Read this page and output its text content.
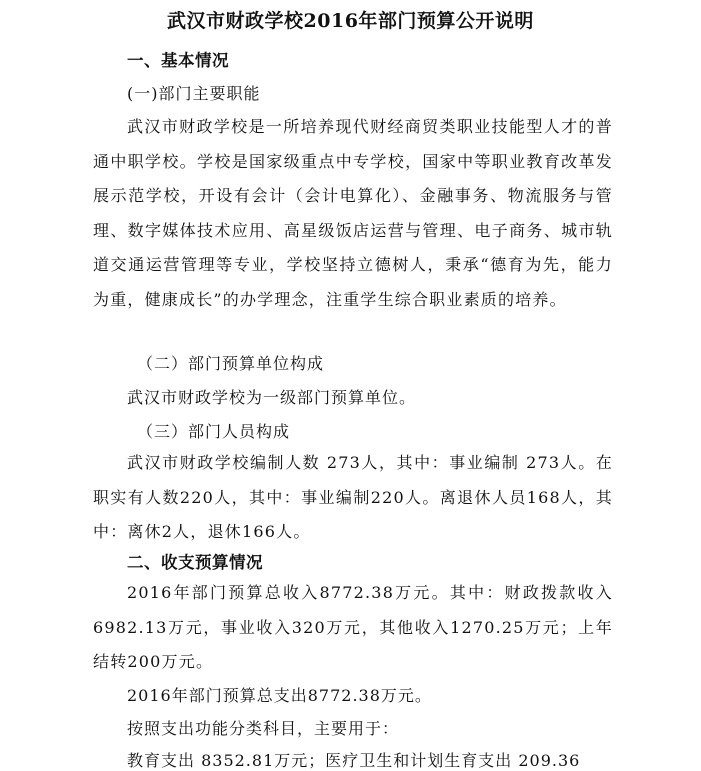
武汉市财政学校2016年部门预算公开说明
一、基本情况
(一)部门主要职能

武汉市财政学校是一所培养现代财经商贸类职业技能型人才的普通中职学校。学校是国家级重点中专学校，国家中等职业教育改革发展示范学校，开设有会计（会计电算化）、金融事务、物流服务与管理、数字媒体技术应用、高星级饭店运营与管理、电子商务、城市轨道交通运营管理等专业，学校坚持立德树人，秉承“德育为先，能力为重，健康成长”的办学理念，注重学生综合职业素质的培养。

（二）部门预算单位构成
武汉市财政学校为一级部门预算单位。
（三）部门人员构成

武汉市财政学校编制人数 273人，其中：事业编制 273人。在职实有人数220人，其中：事业编制220人。离退休人员168人，其中：离休2人，退休166人。

二、收支预算情况

2016年部门预算总收入8772.38万元。其中：财政拨款收入6982.13万元，事业收入320万元，其他收入1270.25万元；上年结转200万元。

2016年部门预算总支出8772.38万元。
按照支出功能分类科目，主要用于：
教育支出 8352.81万元；医疗卫生和计划生育支出 209.36
